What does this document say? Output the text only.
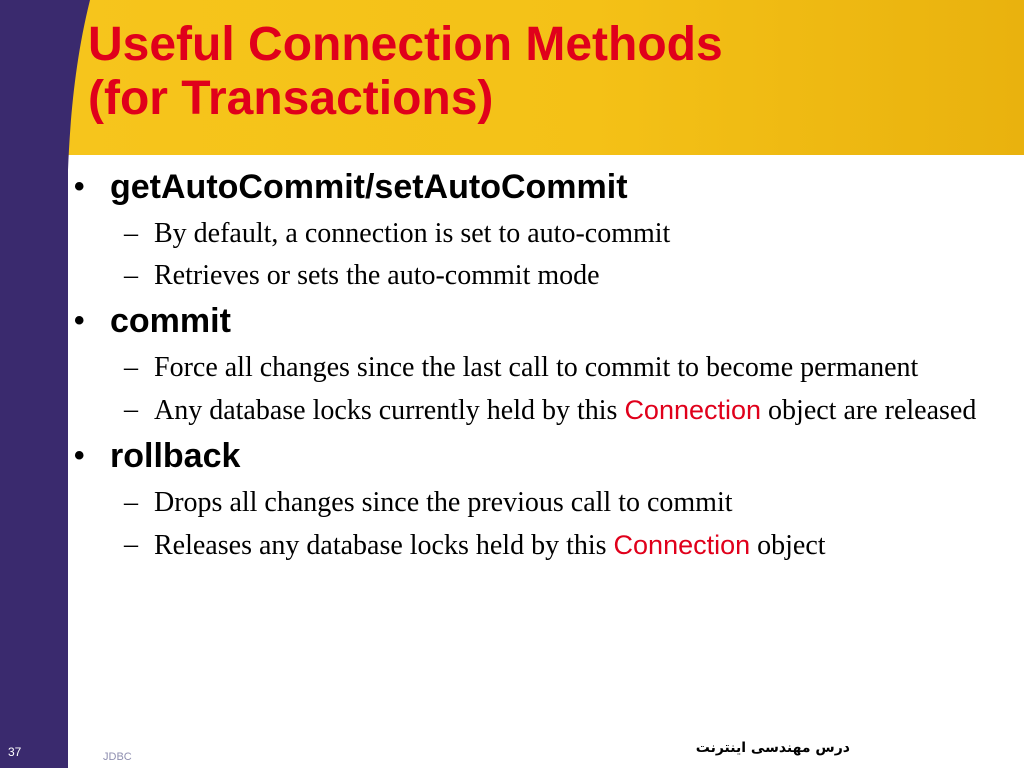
Useful Connection Methods
(for Transactions)
• getAutoCommit/setAutoCommit
– By default, a connection is set to auto-commit
– Retrieves or sets the auto-commit mode
• commit
– Force all changes since the last call to commit to become permanent
– Any database locks currently held by this Connection object are released
• rollback
– Drops all changes since the previous call to commit
– Releases any database locks held by this Connection object
37	JDBC
درس مهندسی اینترنت
